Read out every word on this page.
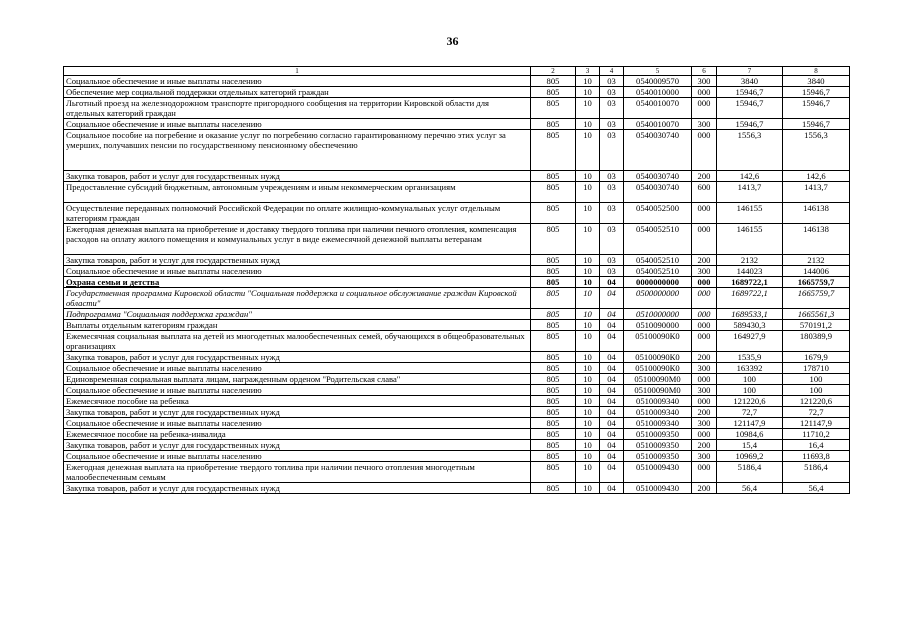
36
1	2	3	4	5	6	7	8
Социальное обеспечение и иные выплаты населению	805	10	03	0540009570	300	3840	3840
Обеспечение мер социальной поддержки отдельных категорий граждан	805	10	03	0540010000	000	15946,7	15946,7
Льготный проезд на железнодорожном транспорте пригородного сообщения на территории Кировской области для отдельных категорий граждан	805	10	03	0540010070	000	15946,7	15946,7
Социальное обеспечение и иные выплаты населению	805	10	03	0540010070	300	15946,7	15946,7
Социальное пособие на погребение и оказание услуг по погребению согласно гарантированному перечню этих услуг за умерших, получавших пенсии по государственному пенсионному обеспечению	805	10	03	0540030740	000	1556,3	1556,3
Закупка товаров, работ и услуг для государственных нужд	805	10	03	0540030740	200	142,6	142,6
Предоставление субсидий бюджетным, автономным учреждениям и иным некоммерческим организациям	805	10	03	0540030740	600	1413,7	1413,7
Осуществление переданных полномочий Российской Федерации по оплате жилищно-коммунальных услуг отдельным категориям граждан	805	10	03	0540052500	000	146155	146138
Ежегодная денежная выплата на приобретение и доставку твердого топлива при наличии печного отопления, компенсация расходов на оплату жилого помещения и коммунальных услуг в виде ежемесячной денежной выплаты ветеранам	805	10	03	0540052510	000	146155	146138
Закупка товаров, работ и услуг для государственных нужд	805	10	03	0540052510	200	2132	2132
Социальное обеспечение и иные выплаты населению	805	10	03	0540052510	300	144023	144006
Охрана семьи и детства	805	10	04	0000000000	000	1689722,1	1665759,7
Государственная программа Кировской области "Социальная поддержка и социальное обслуживание граждан Кировской области"	805	10	04	0500000000	000	1689722,1	1665759,7
Подпрограмма "Социальная поддержка граждан"	805	10	04	0510000000	000	1689533,1	1665561,3
Выплаты отдельным категориям граждан	805	10	04	0510090000	000	589430,3	570191,2
Ежемесячная социальная выплата на детей из многодетных малообеспеченных семей, обучающихся в общеобразовательных организациях	805	10	04	05100090К0	000	164927,9	180389,9
Закупка товаров, работ и услуг для государственных нужд	805	10	04	05100090К0	200	1535,9	1679,9
Социальное обеспечение и иные выплаты населению	805	10	04	05100090К0	300	163392	178710
Единовременная социальная выплата лицам, награжденным орденом "Родительская слава"	805	10	04	05100090М0	000	100	100
Социальное обеспечение и иные выплаты населению	805	10	04	05100090М0	300	100	100
Ежемесячное пособие на ребенка	805	10	04	0510009340	000	121220,6	121220,6
Закупка товаров, работ и услуг для государственных нужд	805	10	04	0510009340	200	72,7	72,7
Социальное обеспечение и иные выплаты населению	805	10	04	0510009340	300	121147,9	121147,9
Ежемесячное пособие на ребенка-инвалида	805	10	04	0510009350	000	10984,6	11710,2
Закупка товаров, работ и услуг для государственных нужд	805	10	04	0510009350	200	15,4	16,4
Социальное обеспечение и иные выплаты населению	805	10	04	0510009350	300	10969,2	11693,8
Ежегодная денежная выплата на приобретение твердого топлива при наличии печного отопления многодетным малообеспеченным семьям	805	10	04	0510009430	000	5186,4	5186,4
Закупка товаров, работ и услуг для государственных нужд	805	10	04	0510009430	200	56,4	56,4
